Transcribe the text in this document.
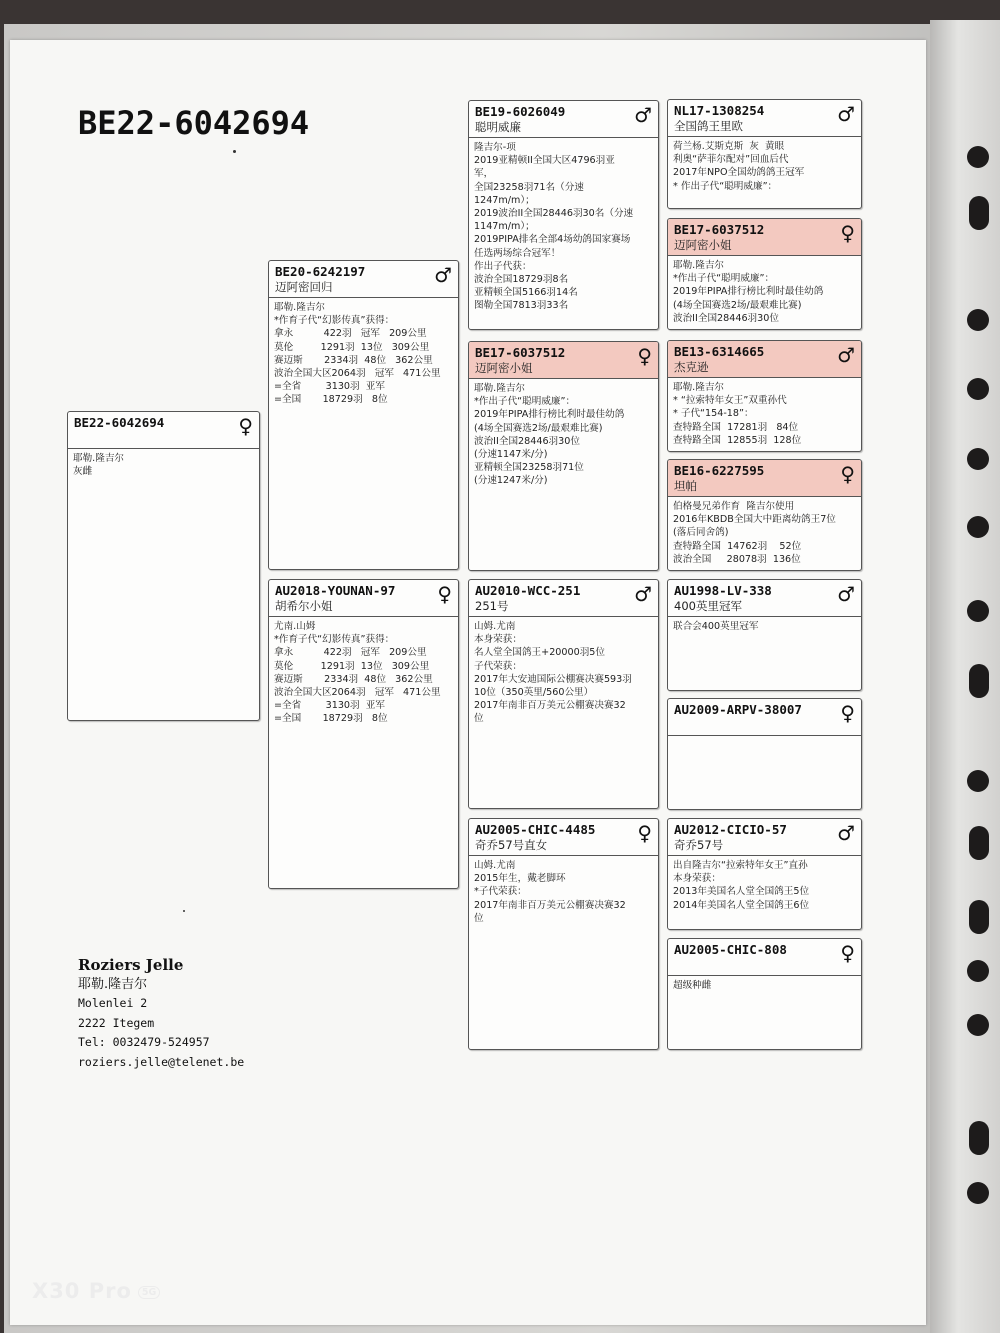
BE22-6042694
BE22-6042694	♀
耶勒.隆吉尔
灰雌
BE20-6242197
迈阿密回归	♂
耶勒.隆吉尔
*作育子代“幻影传真”获得：
拿永          422羽   冠军   209公里
莫伦         1291羽  13位   309公里
赛迈斯       2334羽  48位   362公里
波治全国大区2064羽   冠军   471公里
=全省        3130羽  亚军
=全国       18729羽   8位
AU2018-YOUNAN-97
胡希尔小姐	♀
尤南.山姆
*作育子代“幻影传真”获得：
拿永          422羽   冠军   209公里
莫伦         1291羽  13位   309公里
赛迈斯       2334羽  48位   362公里
波治全国大区2064羽   冠军   471公里
=全省        3130羽  亚军
=全国       18729羽   8位
BE19-6026049
聪明威廉	♂
隆吉尔-项
2019亚精顿II全国大区4796羽亚
军，
全国23258羽71名（分速
1247m/m）；
2019波治II全国28446羽30名（分速
1147m/m）；
2019PIPA排名全部4场幼鸽国家赛场
任选两场综合冠军！
作出子代获：
波治全国18729羽8名
亚精顿全国5166羽14名
图勒全国7813羽33名
BE17-6037512
迈阿密小姐	♀
耶勒.隆吉尔
*作出子代“聪明威廉”：
2019年PIPA排行榜比利时最佳幼鸽
(4场全国赛选2场/最艰难比赛)
波治II全国28446羽30位
(分速1147米/分)
亚精顿全国23258羽71位
(分速1247米/分)
AU2010-WCC-251
251号	♂
山姆.尤南
本身荣获：
名人堂全国鸽王+20000羽5位
子代荣获：
2017年大安迪国际公棚赛决赛593羽
10位（350英里/560公里）
2017年南非百万美元公棚赛决赛32
位
AU2005-CHIC-4485
奇乔57号直女	♀
山姆.尤南
2015年生，戴老脚环
*子代荣获：
2017年南非百万美元公棚赛决赛32
位
NL17-1308254
全国鸽王里欧	♂
荷兰杨.艾斯克斯  灰  黄眼
利奥“萨菲尔配对”回血后代
2017年NPO全国幼鸽鸽王冠军
* 作出子代“聪明威廉”：
BE17-6037512
迈阿密小姐	♀
耶勒.隆吉尔
*作出子代“聪明威廉”：
2019年PIPA排行榜比利时最佳幼鸽
(4场全国赛选2场/最艰难比赛)
波治II全国28446羽30位
BE13-6314665
杰克逊	♂
耶勒.隆吉尔
* “拉索特年女王”双重孙代
* 子代“154-18”：
查特路全国  17281羽   84位
查特路全国  12855羽  128位
BE16-6227595
坦帕	♀
伯格曼兄弟作育  隆吉尔使用
2016年KBDB全国大中距离幼鸽王7位
(落后同舍鸽)
查特路全国  14762羽    52位
波治全国     28078羽  136位
AU1998-LV-338
400英里冠军	♂
联合会400英里冠军
AU2009-ARPV-38007	♀
AU2012-CICIO-57
奇乔57号	♂
出自隆吉尔“拉索特年女王”直孙
本身荣获：
2013年美国名人堂全国鸽王5位
2014年美国名人堂全国鸽王6位
AU2005-CHIC-808	♀
超级种雌
Roziers Jelle
耶勒.隆吉尔
Molenlei 2
2222 Itegem
Tel: 0032479-524957
roziers.jelle@telenet.be
X30 Pro 5G
